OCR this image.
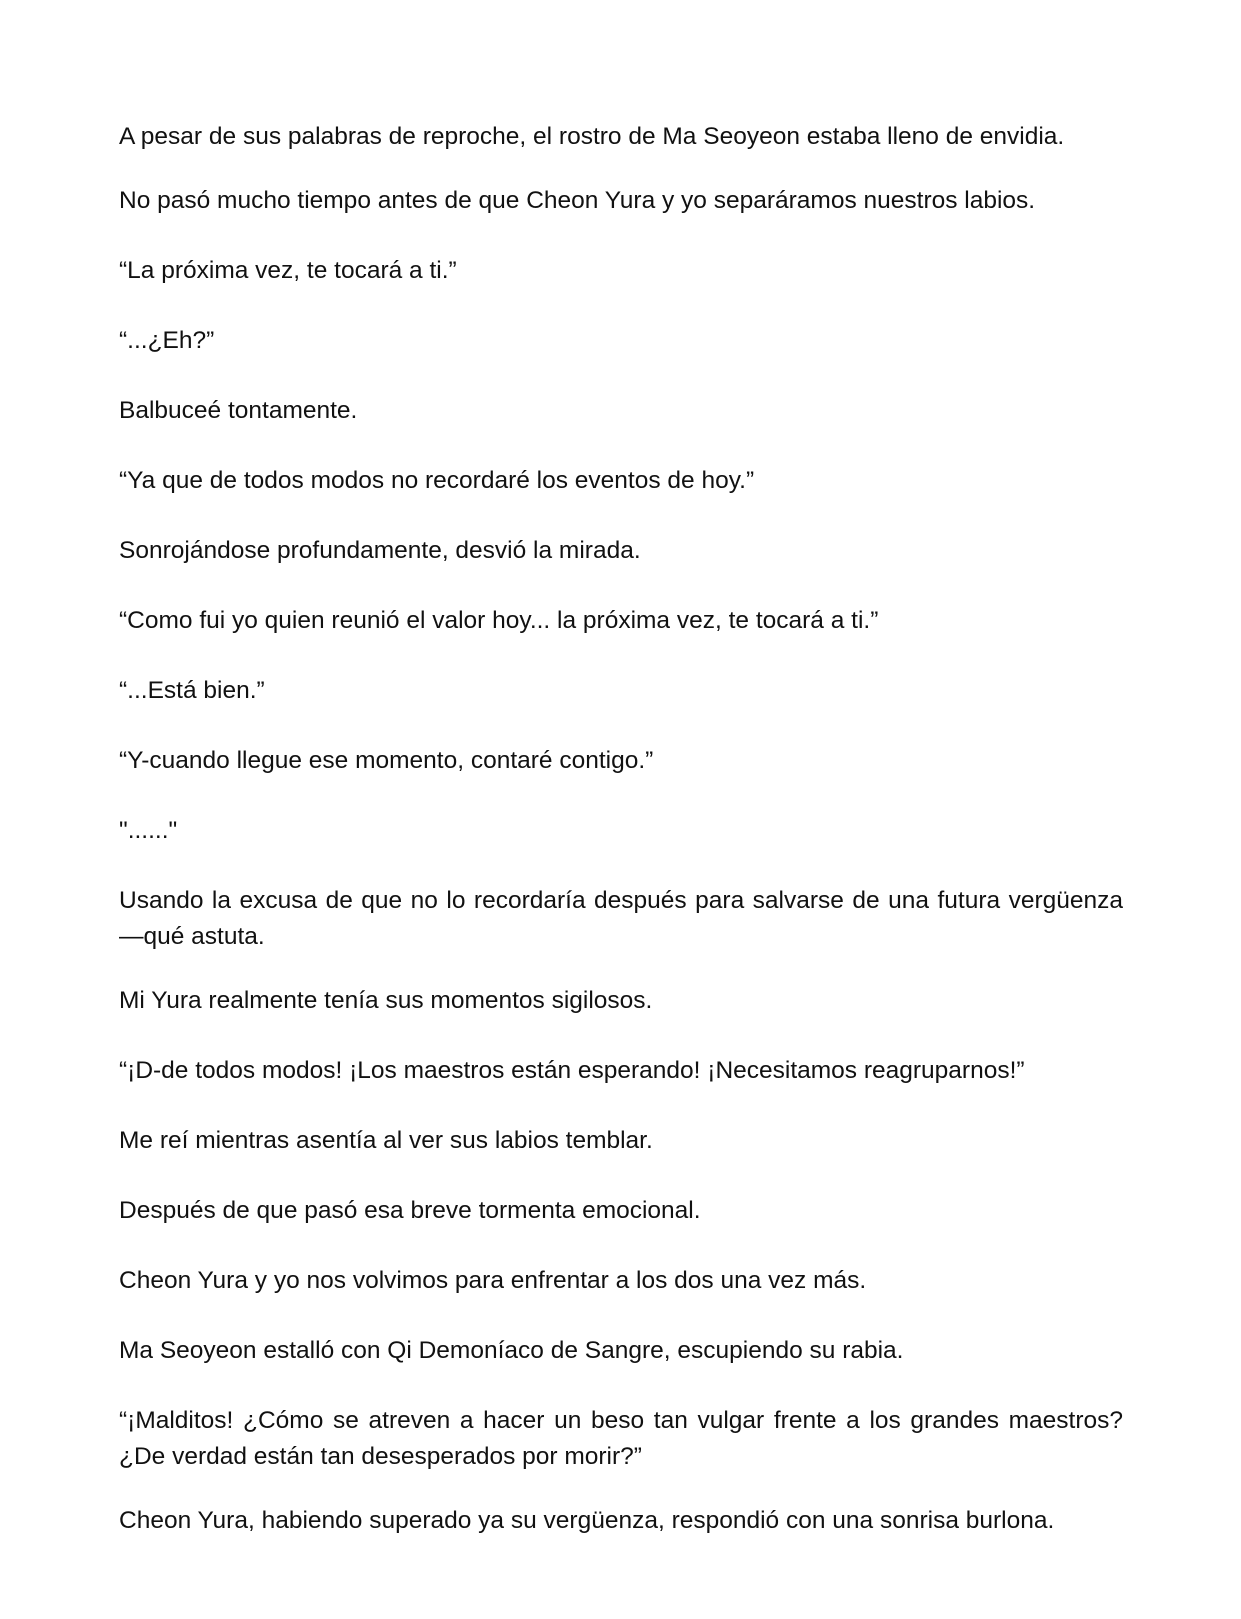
A pesar de sus palabras de reproche, el rostro de Ma Seoyeon estaba lleno de envidia.

No pasó mucho tiempo antes de que Cheon Yura y yo separáramos nuestros labios.

“La próxima vez, te tocará a ti.”

“...¿Eh?”

Balbuceé tontamente.

“Ya que de todos modos no recordaré los eventos de hoy.”

Sonrojándose profundamente, desvió la mirada.

“Como fui yo quien reunió el valor hoy... la próxima vez, te tocará a ti.”

“...Está bien.”

“Y-cuando llegue ese momento, contaré contigo.”

"......"

Usando la excusa de que no lo recordaría después para salvarse de una futura vergüenza—qué astuta.

Mi Yura realmente tenía sus momentos sigilosos.

“¡D-de todos modos! ¡Los maestros están esperando! ¡Necesitamos reagruparnos!”

Me reí mientras asentía al ver sus labios temblar.

Después de que pasó esa breve tormenta emocional.

Cheon Yura y yo nos volvimos para enfrentar a los dos una vez más.

Ma Seoyeon estalló con Qi Demoníaco de Sangre, escupiendo su rabia.

“¡Malditos! ¿Cómo se atreven a hacer un beso tan vulgar frente a los grandes maestros? ¿De verdad están tan desesperados por morir?”

Cheon Yura, habiendo superado ya su vergüenza, respondió con una sonrisa burlona.
